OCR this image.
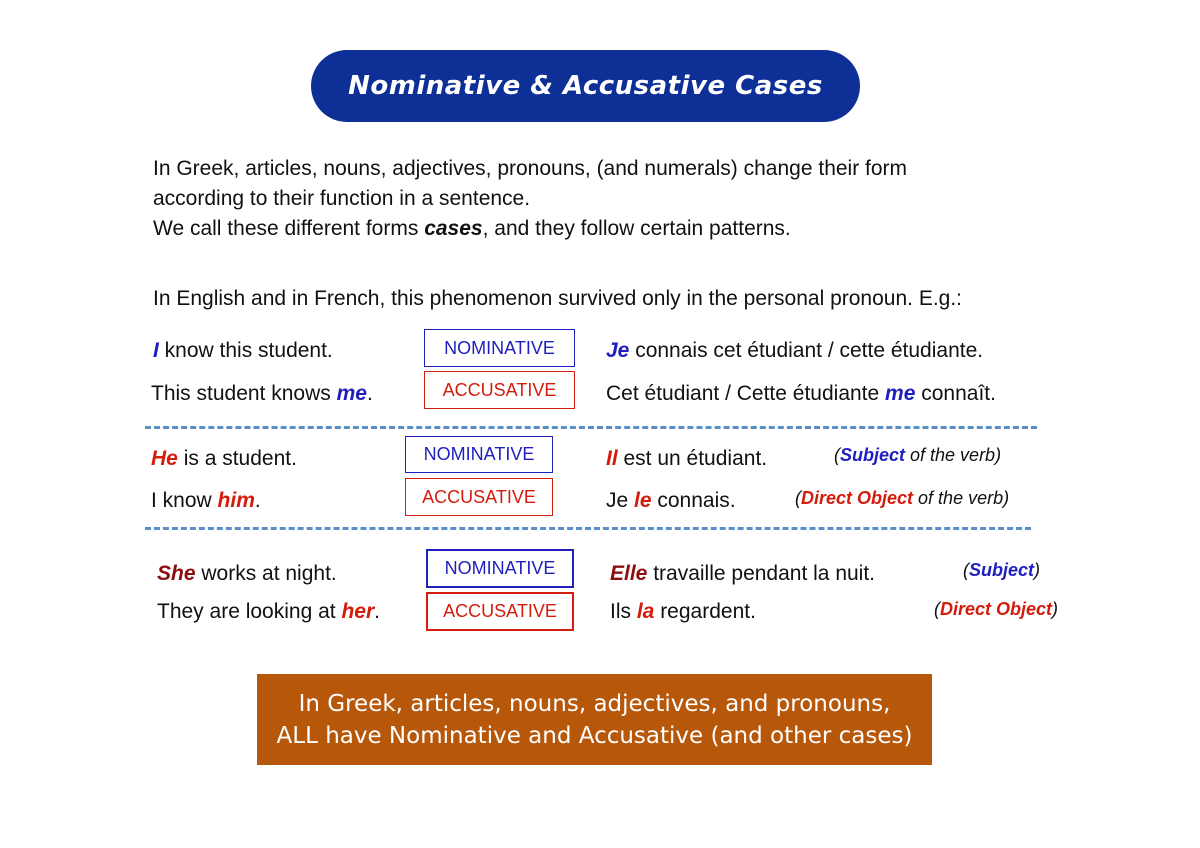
Nominative & Accusative Cases
In Greek, articles, nouns, adjectives, pronouns, (and numerals) change their form
according to their function in a sentence.
We call these different forms cases, and they follow certain patterns.
In English and in French, this phenomenon survived only in the personal pronoun. E.g.:
I know this student.	NOMINATIVE Je connais cet étudiant / cette étudiante.
This student knows me.	ACCUSATIVE Cet étudiant / Cette étudiante me connaît.
He is a student.	NOMINATIVE	Il est un étudiant.	(Subject of the verb)
I know him.	ACCUSATIVE	Je le connais.	(Direct Object of the verb)
She works at night.	NOMINATIVE	Elle travaille pendant la nuit.	(Subject)
They are looking at her.	ACCUSATIVE	Ils la regardent.	(Direct Object)
In Greek, articles, nouns, adjectives, and pronouns,
ALL have Nominative and Accusative (and other cases)
